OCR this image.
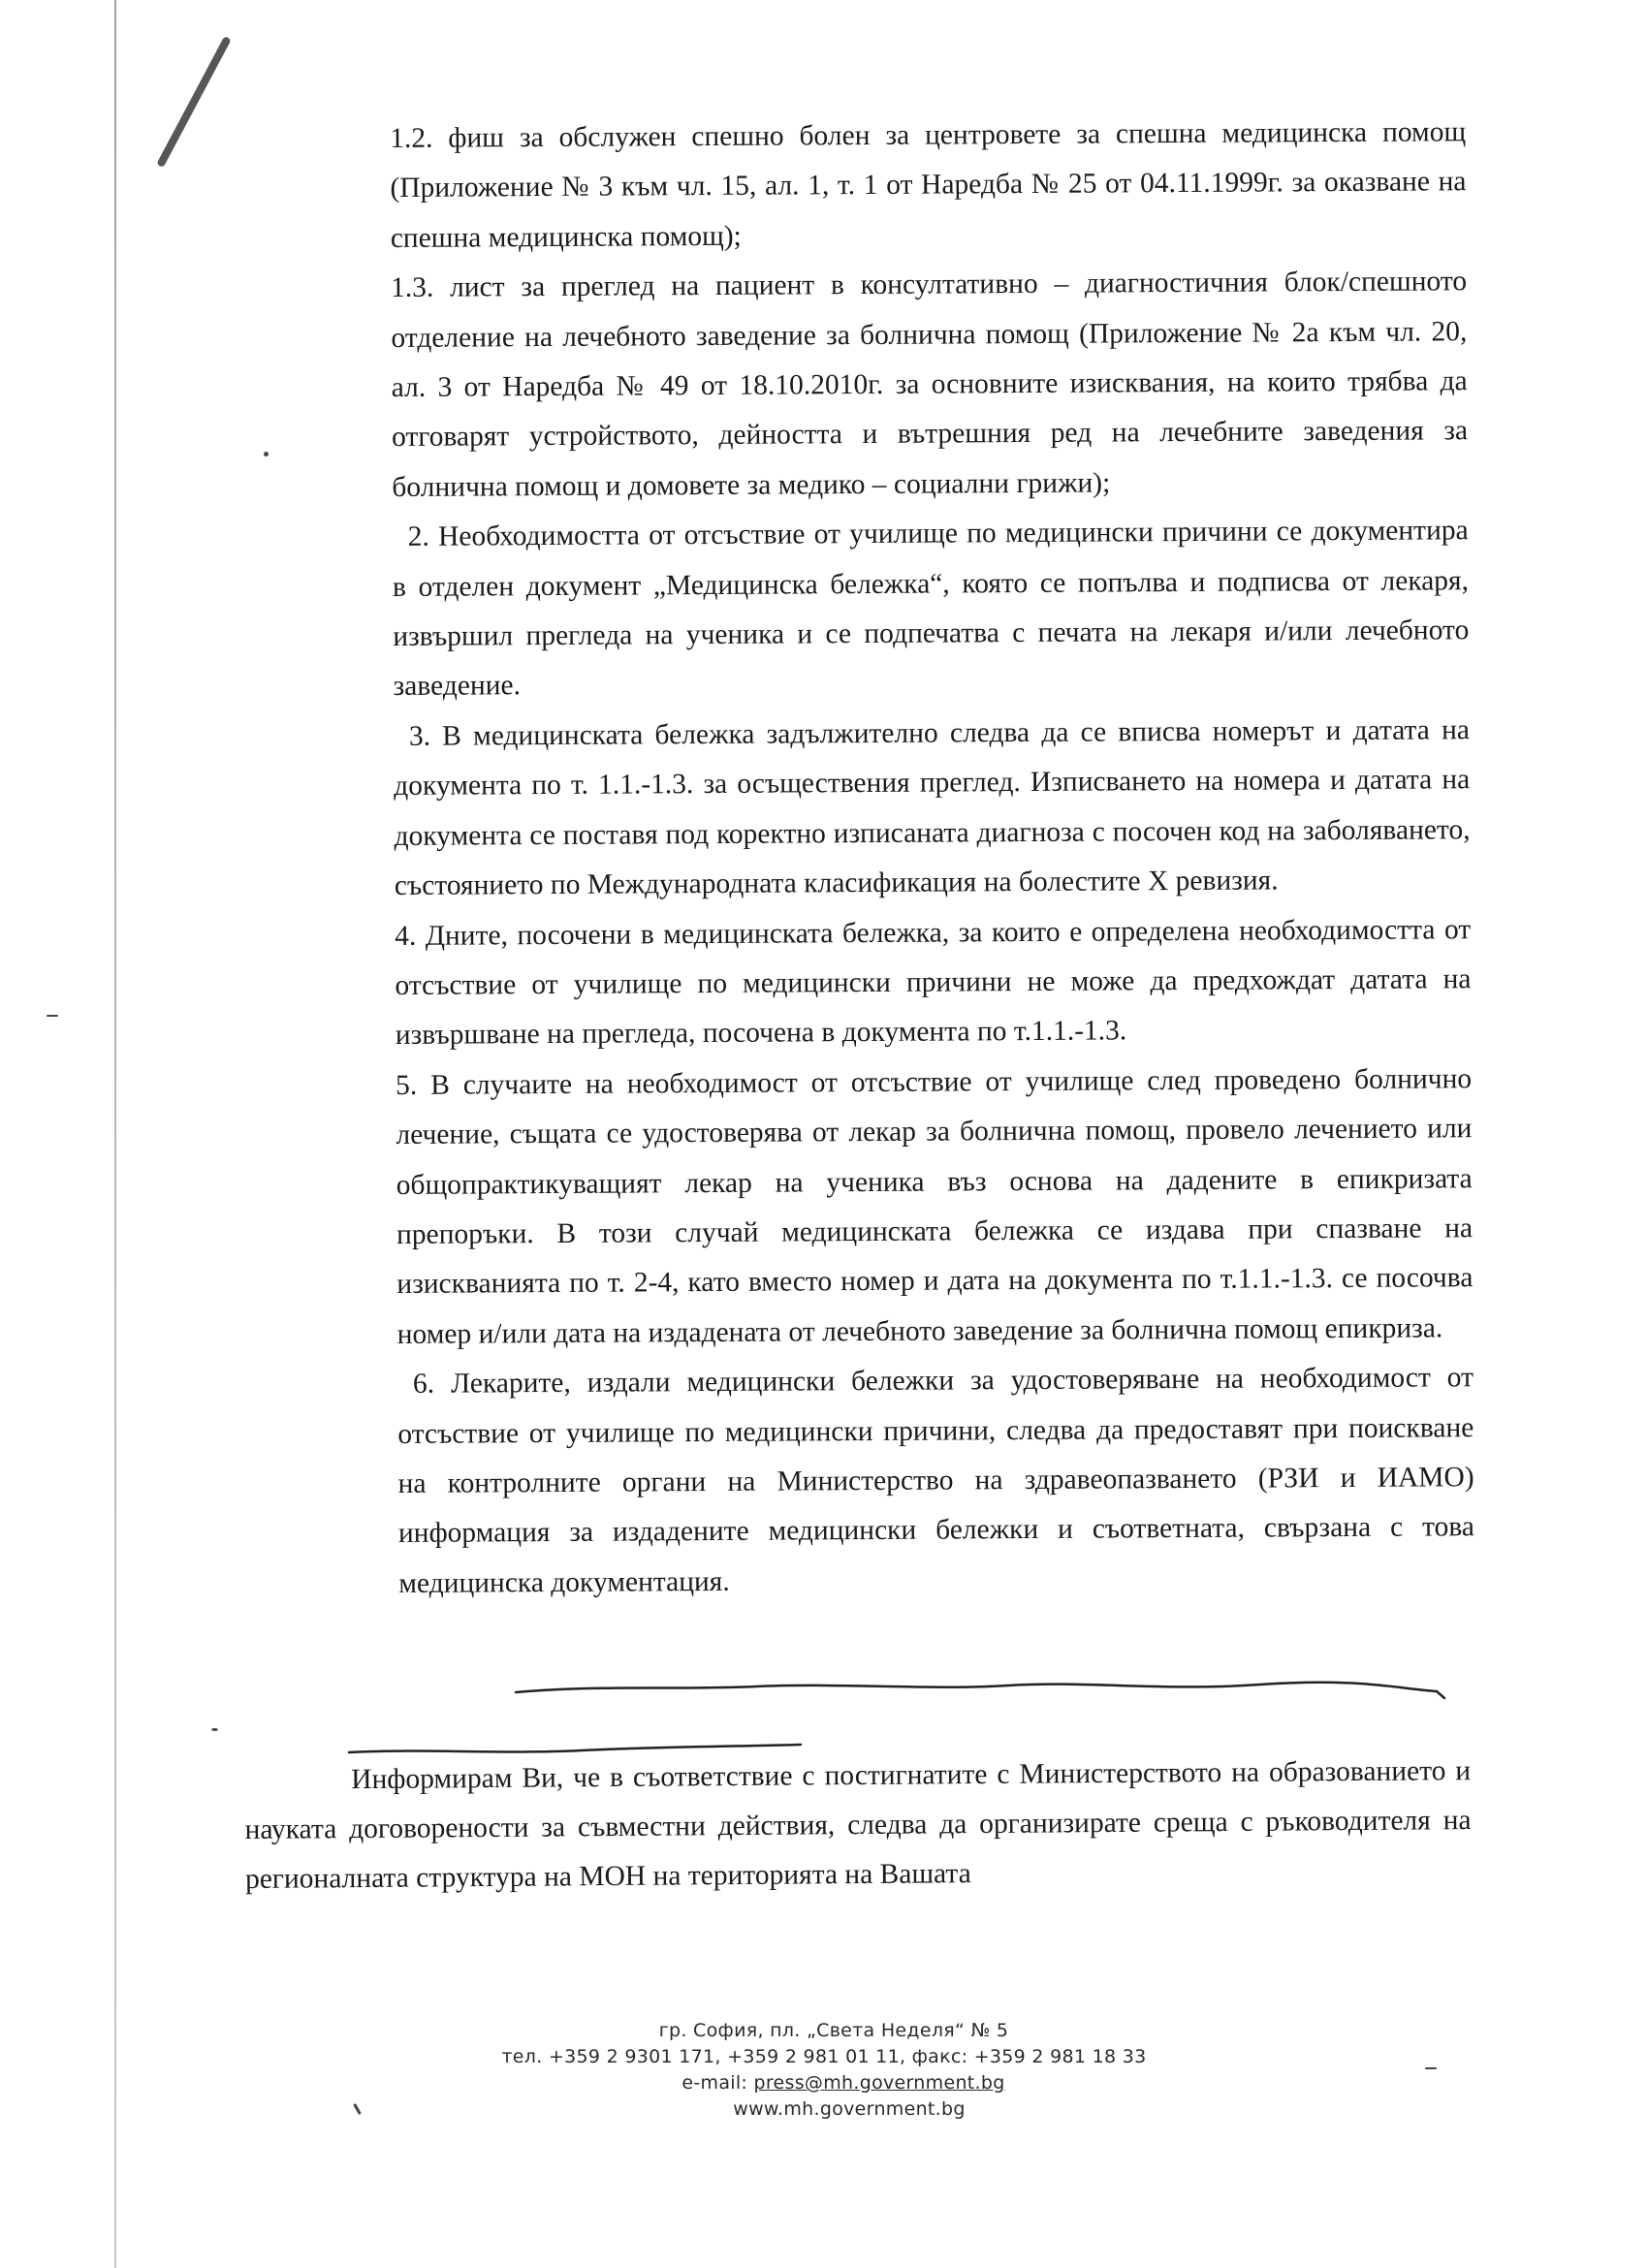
1.2. фиш за обслужен спешно болен за центровете за спешна медицинска помощ (Приложение № 3 към чл. 15, ал. 1, т. 1 от Наредба № 25 от 04.11.1999г. за оказване на спешна медицинска помощ);

1.3. лист за преглед на пациент в консултативно – диагностичния блок/спешното отделение на лечебното заведение за болнична помощ (Приложение № 2а към чл. 20, ал. 3 от Наредба № 49 от 18.10.2010г. за основните изисквания, на които трябва да отговарят устройството, дейността и вътрешния ред на лечебните заведения за болнична помощ и домовете за медико – социални грижи);

2. Необходимостта от отсъствие от училище по медицински причини се документира в отделен документ „Медицинска бележка“, която се попълва и подписва от лекаря, извършил прегледа на ученика и се подпечатва с печата на лекаря и/или лечебното заведение.

3. В медицинската бележка задължително следва да се вписва номерът и датата на документа по т. 1.1.-1.3. за осъществения преглед. Изписването на номера и датата на документа се поставя под коректно изписаната диагноза с посочен код на заболяването, състоянието по Международната класификация на болестите X ревизия.

4. Дните, посочени в медицинската бележка, за които е определена необходимостта от отсъствие от училище по медицински причини не може да предхождат датата на извършване на прегледа, посочена в документа по т.1.1.-1.3.

5. В случаите на необходимост от отсъствие от училище след проведено болнично лечение, същата се удостоверява от лекар за болнична помощ, провело лечението или общопрактикуващият лекар на ученика въз основа на дадените в епикризата препоръки. В този случай медицинската бележка се издава при спазване на изискванията по т. 2-4, като вместо номер и дата на документа по т.1.1.-1.3. се посочва номер и/или дата на издадената от лечебното заведение за болнична помощ епикриза.

6. Лекарите, издали медицински бележки за удостоверяване на необходимост от отсъствие от училище по медицински причини, следва да предоставят при поискване на контролните органи на Министерство на здравеопазването (РЗИ и ИАМО) информация за издадените медицински бележки и съответната, свързана с това медицинска документация.

Информирам Ви, че в съответствие с постигнатите с Министерството на образованието и науката договорености за съвместни действия, следва да организирате среща с ръководителя на регионалната структура на МОН на територията на Вашата

гр. София, пл. „Света Неделя“ № 5
тел. +359 2 9301 171, +359 2 981 01 11, факс: +359 2 981 18 33
e-mail: press@mh.government.bg
www.mh.government.bg
